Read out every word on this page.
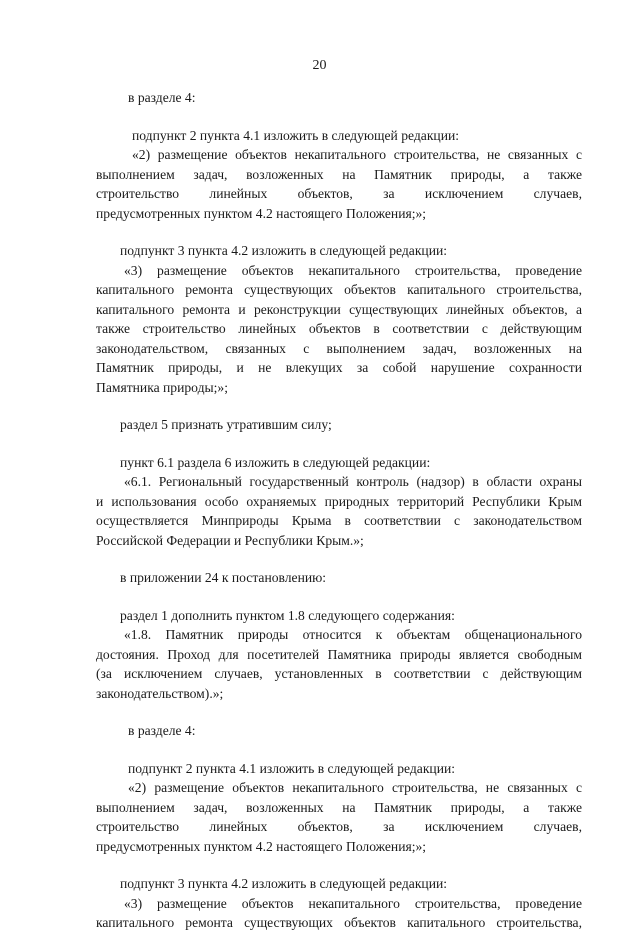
20
в разделе 4:
подпункт 2 пункта 4.1 изложить в следующей редакции:
«2) размещение объектов некапитального строительства, не связанных с
выполнением задач, возложенных на Памятник природы, а также
строительство линейных объектов, за исключением случаев,
предусмотренных пунктом 4.2 настоящего Положения;»;
подпункт 3 пункта 4.2 изложить в следующей редакции:
«3) размещение объектов некапитального строительства, проведение
капитального ремонта существующих объектов капитального строительства,
капитального ремонта и реконструкции существующих линейных объектов, а
также строительство линейных объектов в соответствии с действующим
законодательством, связанных с выполнением задач, возложенных на
Памятник природы, и не влекущих за собой нарушение сохранности
Памятника природы;»;
раздел 5 признать утратившим силу;
пункт 6.1 раздела 6 изложить в следующей редакции:
«6.1. Региональный государственный контроль (надзор) в области охраны
и использования особо охраняемых природных территорий Республики Крым
осуществляется Минприроды Крыма в соответствии с законодательством
Российской Федерации и Республики Крым.»;
в приложении 24 к постановлению:
раздел 1 дополнить пунктом 1.8 следующего содержания:
«1.8. Памятник природы относится к объектам общенационального
достояния. Проход для посетителей Памятника природы является свободным
(за исключением случаев, установленных в соответствии с действующим
законодательством).»;
в разделе 4:
подпункт 2 пункта 4.1 изложить в следующей редакции:
«2) размещение объектов некапитального строительства, не связанных с
выполнением задач, возложенных на Памятник природы, а также
строительство линейных объектов, за исключением случаев,
предусмотренных пунктом 4.2 настоящего Положения;»;
подпункт 3 пункта 4.2 изложить в следующей редакции:
«3) размещение объектов некапитального строительства, проведение
капитального ремонта существующих объектов капитального строительства,
